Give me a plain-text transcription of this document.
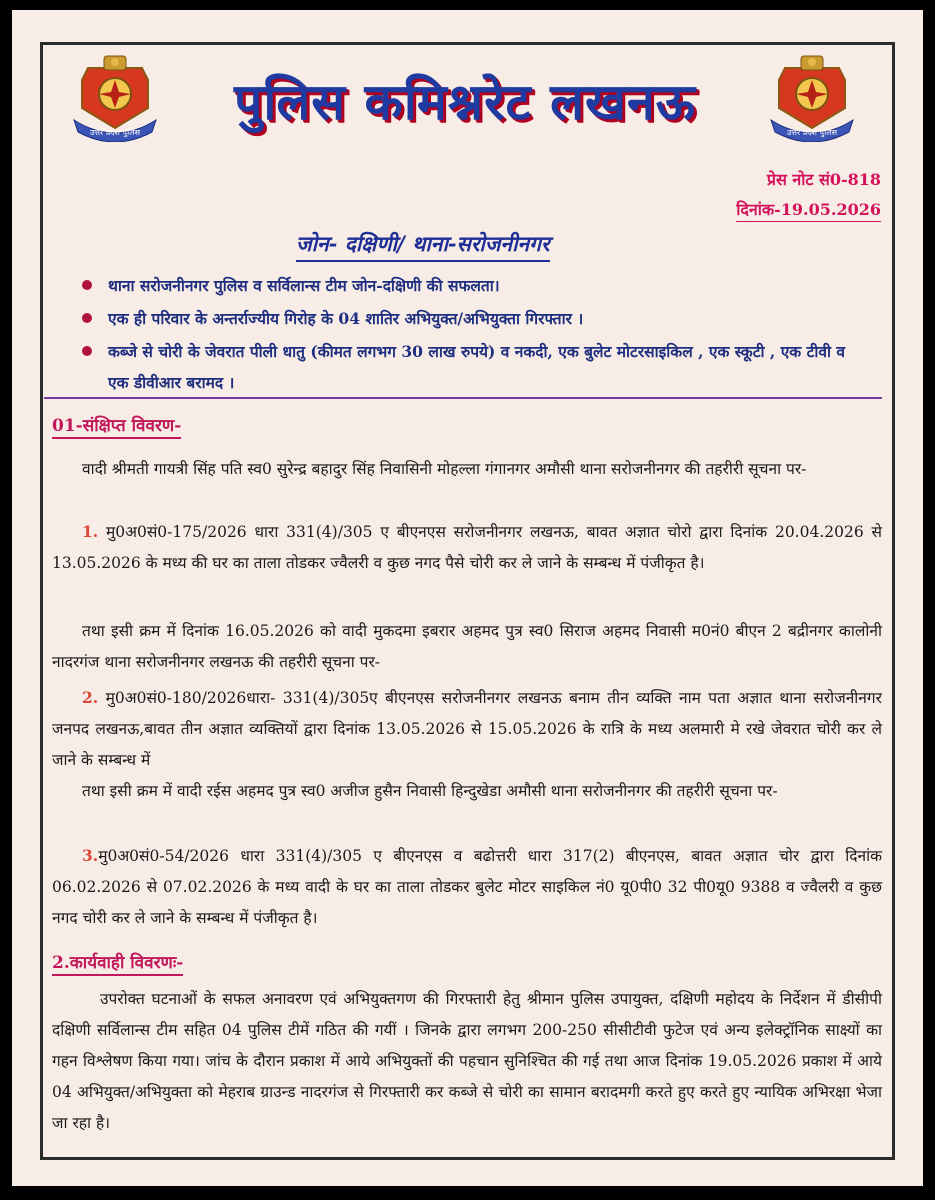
उत्तर प्रदेश पुलिस	उत्तर प्रदेश पुलिस
पुलिस कमिश्नरेट लखनऊ
प्रेस नोट सं0-818
दिनांक-19.05.2026
जोन- दक्षिणी/ थाना-सरोजनीनगर
थाना सरोजनीनगर पुलिस व सर्विलान्स टीम जोन-दक्षिणी की सफलता।
एक ही परिवार के अन्तर्राज्यीय गिरोह के 04 शातिर अभियुक्त/अभियुक्ता गिरफ्तार ।
कब्जे से चोरी के जेवरात पीली धातु (कीमत लगभग 30 लाख रुपये) व नकदी, एक बुलेट मोटरसाइकिल , एक स्कूटी , एक टीवी व एक डीवीआर बरामद ।
01-संक्षिप्त विवरण-

वादी श्रीमती गायत्री सिंह पति स्व0 सुरेन्द्र बहादुर सिंह निवासिनी मोहल्ला गंगानगर अमौसी थाना सरोजनीनगर की तहरीरी सूचना पर-

1. मु0अ0सं0-175/2026 धारा 331(4)/305 ए बीएनएस सरोजनीनगर लखनऊ, बावत अज्ञात चोरो द्वारा दिनांक 20.04.2026 से 13.05.2026 के मध्य की घर का ताला तोडकर ज्वैलरी व कुछ नगद पैसे चोरी कर ले जाने के सम्बन्ध में पंजीकृत है।

तथा इसी क्रम में दिनांक 16.05.2026 को वादी मुकदमा इबरार अहमद पुत्र स्व0 सिराज अहमद निवासी म0नं0 बीएन 2 बद्रीनगर कालोनी नादरगंज थाना सरोजनीनगर लखनऊ की तहरीरी सूचना पर-

2. मु0अ0सं0-180/2026धारा- 331(4)/305ए बीएनएस सरोजनीनगर लखनऊ बनाम तीन व्यक्ति नाम पता अज्ञात थाना सरोजनीनगर जनपद लखनऊ,बावत तीन अज्ञात व्यक्तियों द्वारा दिनांक 13.05.2026 से 15.05.2026 के रात्रि के मध्य अलमारी मे रखे जेवरात चोरी कर ले जाने के सम्बन्ध में

तथा इसी क्रम में वादी रईस अहमद पुत्र स्व0 अजीज हुसैन निवासी हिन्दुखेडा अमौसी थाना सरोजनीनगर की तहरीरी सूचना पर-

3.मु0अ0सं0-54/2026 धारा 331(4)/305 ए बीएनएस व बढोत्तरी धारा 317(2) बीएनएस, बावत अज्ञात चोर द्वारा दिनांक 06.02.2026 से 07.02.2026 के मध्य वादी के घर का ताला तोडकर बुलेट मोटर साइकिल नं0 यू0पी0 32 पी0यू0 9388 व ज्वैलरी व कुछ नगद चोरी कर ले जाने के सम्बन्ध में पंजीकृत है।

2.कार्यवाही विवरणः-

उपरोक्त घटनाओं के सफल अनावरण एवं अभियुक्तगण की गिरफ्तारी हेतु श्रीमान पुलिस उपायुक्त, दक्षिणी महोदय के निर्देशन में डीसीपी दक्षिणी सर्विलान्स टीम सहित 04 पुलिस टीमें गठित की गयीं । जिनके द्वारा लगभग 200-250 सीसीटीवी फुटेज एवं अन्य इलेक्ट्रॉनिक साक्ष्यों का गहन विश्लेषण किया गया। जांच के दौरान प्रकाश में आये अभियुक्तों की पहचान सुनिश्चित की गई तथा आज दिनांक 19.05.2026 प्रकाश में आये 04 अभियुक्त/अभियुक्ता को मेहराब ग्राउन्ड नादरगंज से गिरफ्तारी कर कब्जे से चोरी का सामान बरादमगी करते हुए करते हुए न्यायिक अभिरक्षा भेजा जा रहा है।
